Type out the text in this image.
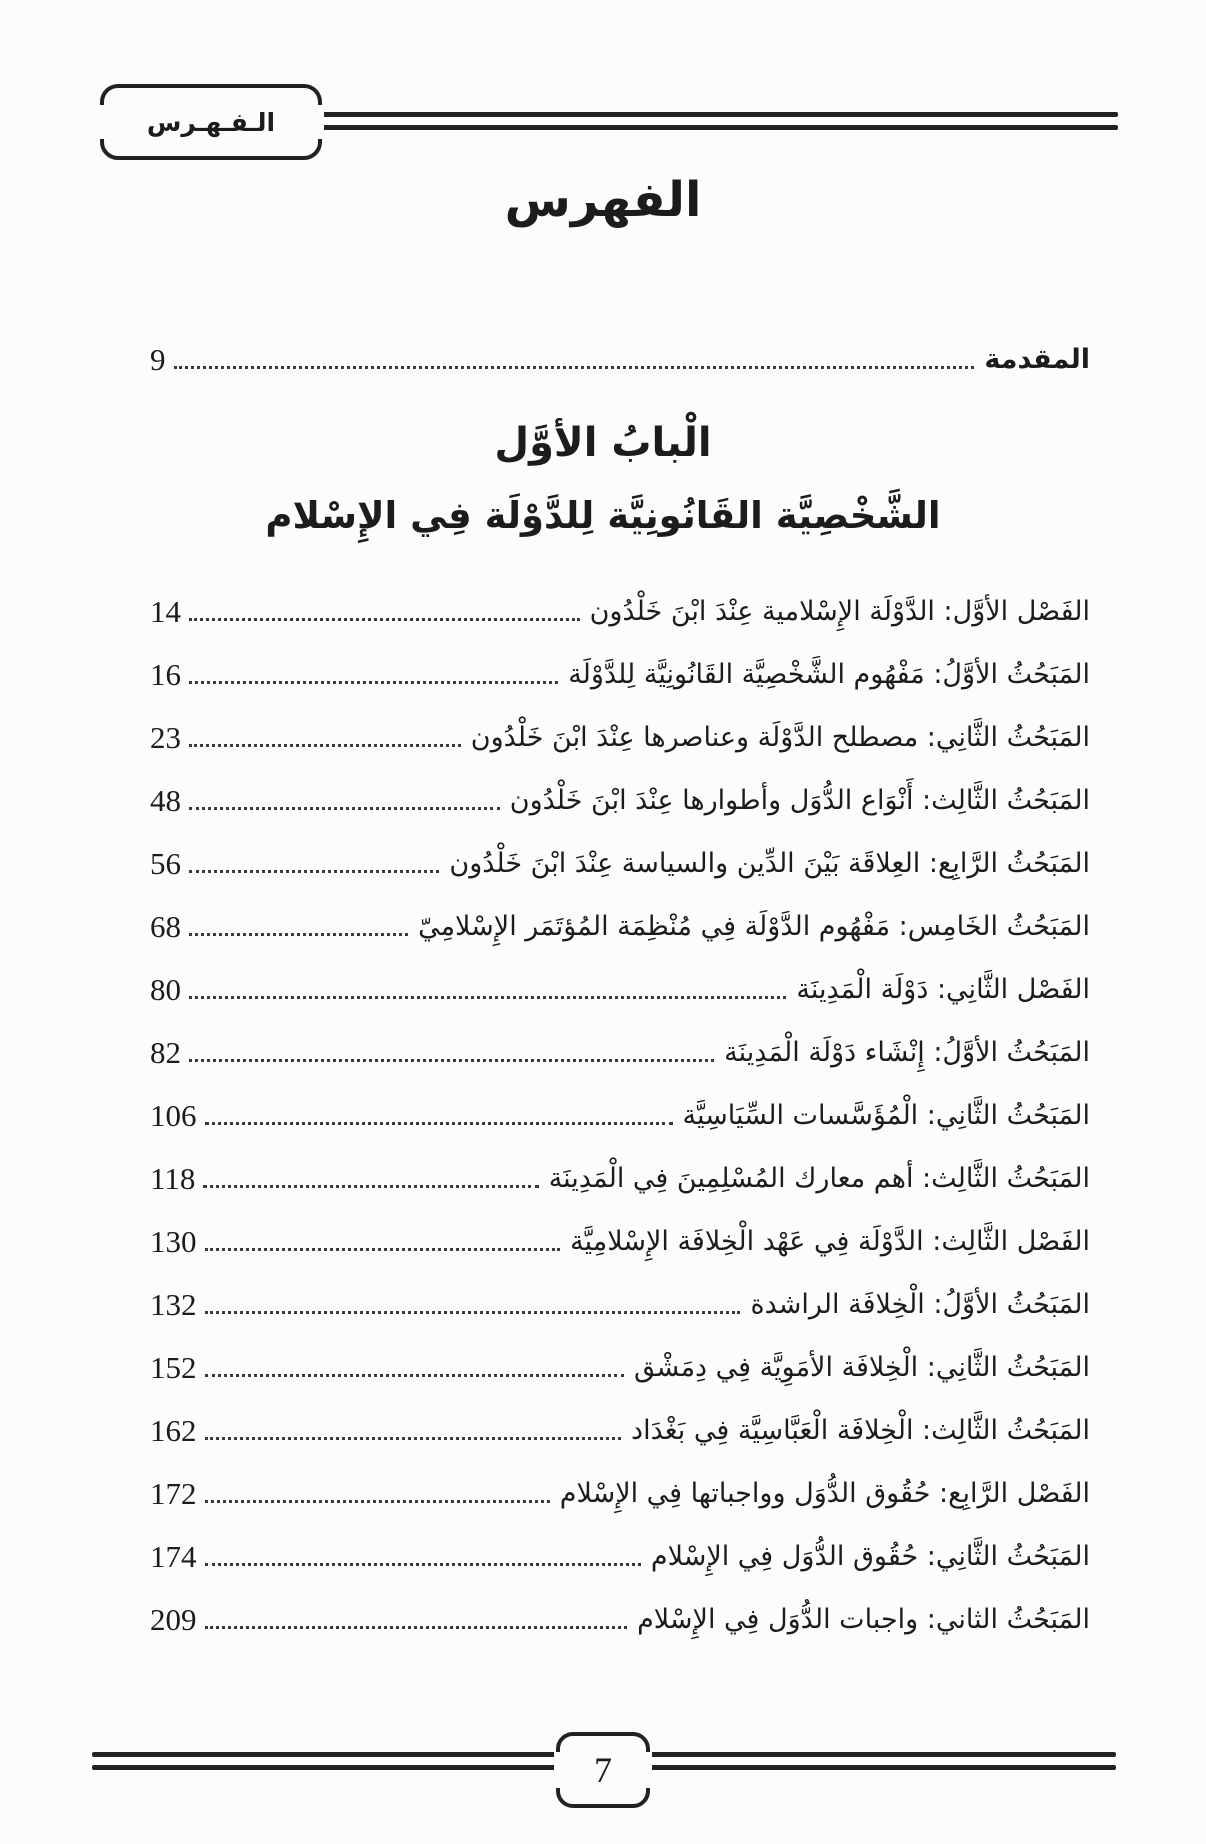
الـفـهـرس
الفهرس
المقدمة
9
الْبابُ الأوَّل
الشَّخْصِيَّة القَانُونِيَّة لِلدَّوْلَة فِي الإِسْلام
الفَصْل الأوَّل: الدَّوْلَة الإِسْلامية عِنْدَ ابْنَ خَلْدُون
14
المَبَحُثُ الأوَّلُ: مَفْهُوم الشَّخْصِيَّة القَانُونِيَّة لِلدَّوْلَة
16
المَبَحُثُ الثَّانِي: مصطلح الدَّوْلَة وعناصرها عِنْدَ ابْنَ خَلْدُون
23
المَبَحُثُ الثَّالِث: أَنْوَاع الدُّوَل وأطوارها عِنْدَ ابْنَ خَلْدُون
48
المَبَحُثُ الرَّابِع: العِلاقَة بَيْنَ الدِّين والسياسة عِنْدَ ابْنَ خَلْدُون
56
المَبَحُثُ الخَامِس: مَفْهُوم الدَّوْلَة فِي مُنْظِمَة المُؤتَمَر الإِسْلامِيّ
68
الفَصْل الثَّانِي: دَوْلَة الْمَدِينَة
80
المَبَحُثُ الأوَّلُ: إِنْشَاء دَوْلَة الْمَدِينَة
82
المَبَحُثُ الثَّانِي: الْمُؤَسَّسات السِّيَاسِيَّة
106
المَبَحُثُ الثَّالِث: أهم معارك المُسْلِمِينَ فِي الْمَدِينَة
118
الفَصْل الثَّالِث: الدَّوْلَة فِي عَهْد الْخِلافَة الإِسْلامِيَّة
130
المَبَحُثُ الأوَّلُ: الْخِلافَة الراشدة
132
المَبَحُثُ الثَّانِي: الْخِلافَة الأمَوِيَّة فِي دِمَشْق
152
المَبَحُثُ الثَّالِث: الْخِلافَة الْعَبَّاسِيَّة فِي بَغْدَاد
162
الفَصْل الرَّابِع: حُقُوق الدُّوَل وواجباتها فِي الإِسْلام
172
المَبَحُثُ الثَّانِي: حُقُوق الدُّوَل فِي الإِسْلام
174
المَبَحُثُ الثاني: واجبات الدُّوَل فِي الإِسْلام
209
7
